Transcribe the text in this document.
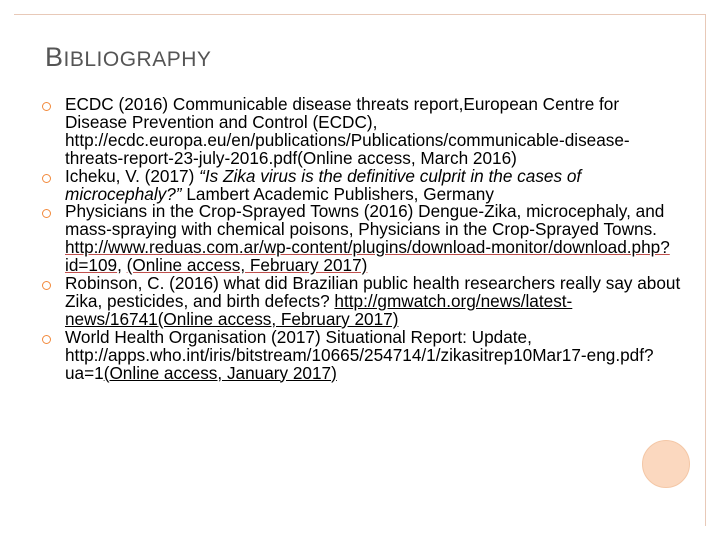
BIBLIOGRAPHY
ECDC (2016) Communicable disease threats report,European Centre for Disease Prevention and Control (ECDC), http://ecdc.europa.eu/en/publications/Publications/communicable-disease-threats-report-23-july-2016.pdf(Online access, March 2016)
Icheku, V. (2017) “Is Zika virus is the definitive culprit in the cases of microcephaly?” Lambert Academic Publishers, Germany
Physicians in the Crop-Sprayed Towns (2016) Dengue-Zika, microcephaly, and mass-spraying with chemical poisons, Physicians in the Crop-Sprayed Towns. http://www.reduas.com.ar/wp-content/plugins/download-monitor/download.php?id=109, (Online access, February 2017)
Robinson, C. (2016) what did Brazilian public health researchers really say about Zika, pesticides, and birth defects? http://gmwatch.org/news/latest-news/16741(Online access, February 2017)
World Health Organisation (2017) Situational Report: Update, http://apps.who.int/iris/bitstream/10665/254714/1/zikasitrep10Mar17-eng.pdf?ua=1(Online access, January 2017)
